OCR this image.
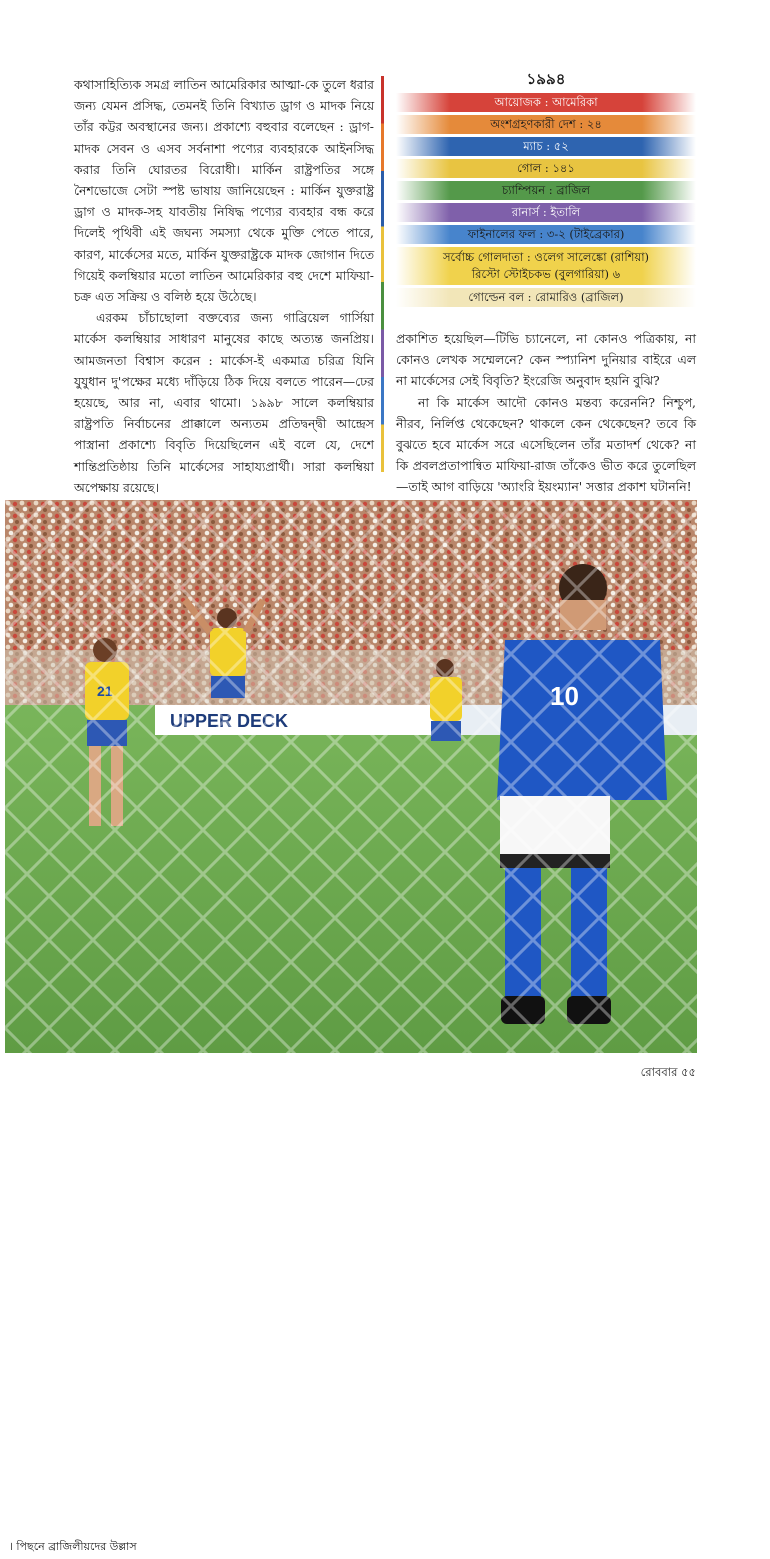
কথাসাহিত্যিক সমগ্র লাতিন আমেরিকার আত্মা-কে তুলে ধরার জন্য যেমন প্রসিদ্ধ, তেমনই তিনি বিখ্যাত ড্রাগ ও মাদক নিয়ে তাঁর কট্টর অবস্থানের জন্য। প্রকাশ্যে বহুবার বলেছেন : ড্রাগ-মাদক সেবন ও এসব সর্বনাশা পণ্যের ব্যবহারকে আইনসিদ্ধ করার তিনি ঘোরতর বিরোধী। মার্কিন রাষ্ট্রপতির সঙ্গে নৈশভোজে সেটা স্পষ্ট ভাষায় জানিয়েছেন : মার্কিন যুক্তরাষ্ট্র ড্রাগ ও মাদক-সহ যাবতীয় নিষিদ্ধ পণ্যের ব্যবহার বন্ধ করে দিলেই পৃথিবী এই জঘন্য সমস্যা থেকে মুক্তি পেতে পারে, কারণ, মার্কেসের মতে, মার্কিন যুক্তরাষ্ট্রকে মাদক জোগান দিতে গিয়েই কলম্বিয়ার মতো লাতিন আমেরিকার বহু দেশে মাফিয়া-চক্র এত সক্রিয় ও বলিষ্ঠ হয়ে উঠেছে।

এরকম চাঁচাছোলা বক্তব্যের জন্য গাব্রিয়েল গার্সিয়া মার্কেস কলম্বিয়ার সাধারণ মানুষের কাছে অত্যন্ত জনপ্রিয়। আমজনতা বিশ্বাস করেন : মার্কেস-ই একমাত্র চরিত্র যিনি যুযুধান দু'পক্ষের মধ্যে দাঁড়িয়ে ঠিক দিয়ে বলতে পারেন—ঢের হয়েছে, আর না, এবার থামো। ১৯৯৮ সালে কলম্বিয়ার রাষ্ট্রপতি নির্বাচনের প্রাক্কালে অন্যতম প্রতিদ্বন্দ্বী আন্দ্রেস পাস্ত্রানা প্রকাশ্যে বিবৃতি দিয়েছিলেন এই বলে যে, দেশে শান্তিপ্রতিষ্ঠায় তিনি মার্কেসের সাহায্যপ্রার্থী। সারা কলম্বিয়া অপেক্ষায় রয়েছে।

১৯৯৪
আয়োজক : আমেরিকা
অংশগ্রহণকারী দেশ : ২৪
ম্যাচ : ৫২
গোল : ১৪১
চ্যাম্পিয়ন : ব্রাজিল
রানার্স : ইতালি
ফাইনালের ফল : ৩-২ (টাইব্রেকার)
সর্বোচ্চ গোলদাতা : ওলেগ সালেঙ্কো (রাশিয়া)
রিস্টো স্টোইচকভ (বুলগারিয়া) ৬
গোল্ডেন বল : রোমারিও (ব্রাজিল)

প্রকাশিত হয়েছিল—টিভি চ্যানেলে, না কোনও পত্রিকায়, না কোনও লেখক সম্মেলনে? কেন স্প্যানিশ দুনিয়ার বাইরে এল না মার্কেসের সেই বিবৃতি? ইংরেজি অনুবাদ হয়নি বুঝি?

না কি মার্কেস আদৌ কোনও মন্তব্য করেননি? নিশ্চুপ, নীরব, নির্লিপ্ত থেকেছেন? থাকলে কেন থেকেছেন? তবে কি বুঝতে হবে মার্কেস সরে এসেছিলেন তাঁর মতাদর্শ থেকে? না কি প্রবলপ্রতাপান্বিত মাফিয়া-রাজ তাঁকেও ভীত করে তুলেছিল—তাই আগ বাড়িয়ে 'অ্যাংরি ইয়ংম্যান' সত্তার প্রকাশ ঘটাননি!

। পিছনে ব্রাজিলীয়দের উল্লাস
রোববার ৫৫
